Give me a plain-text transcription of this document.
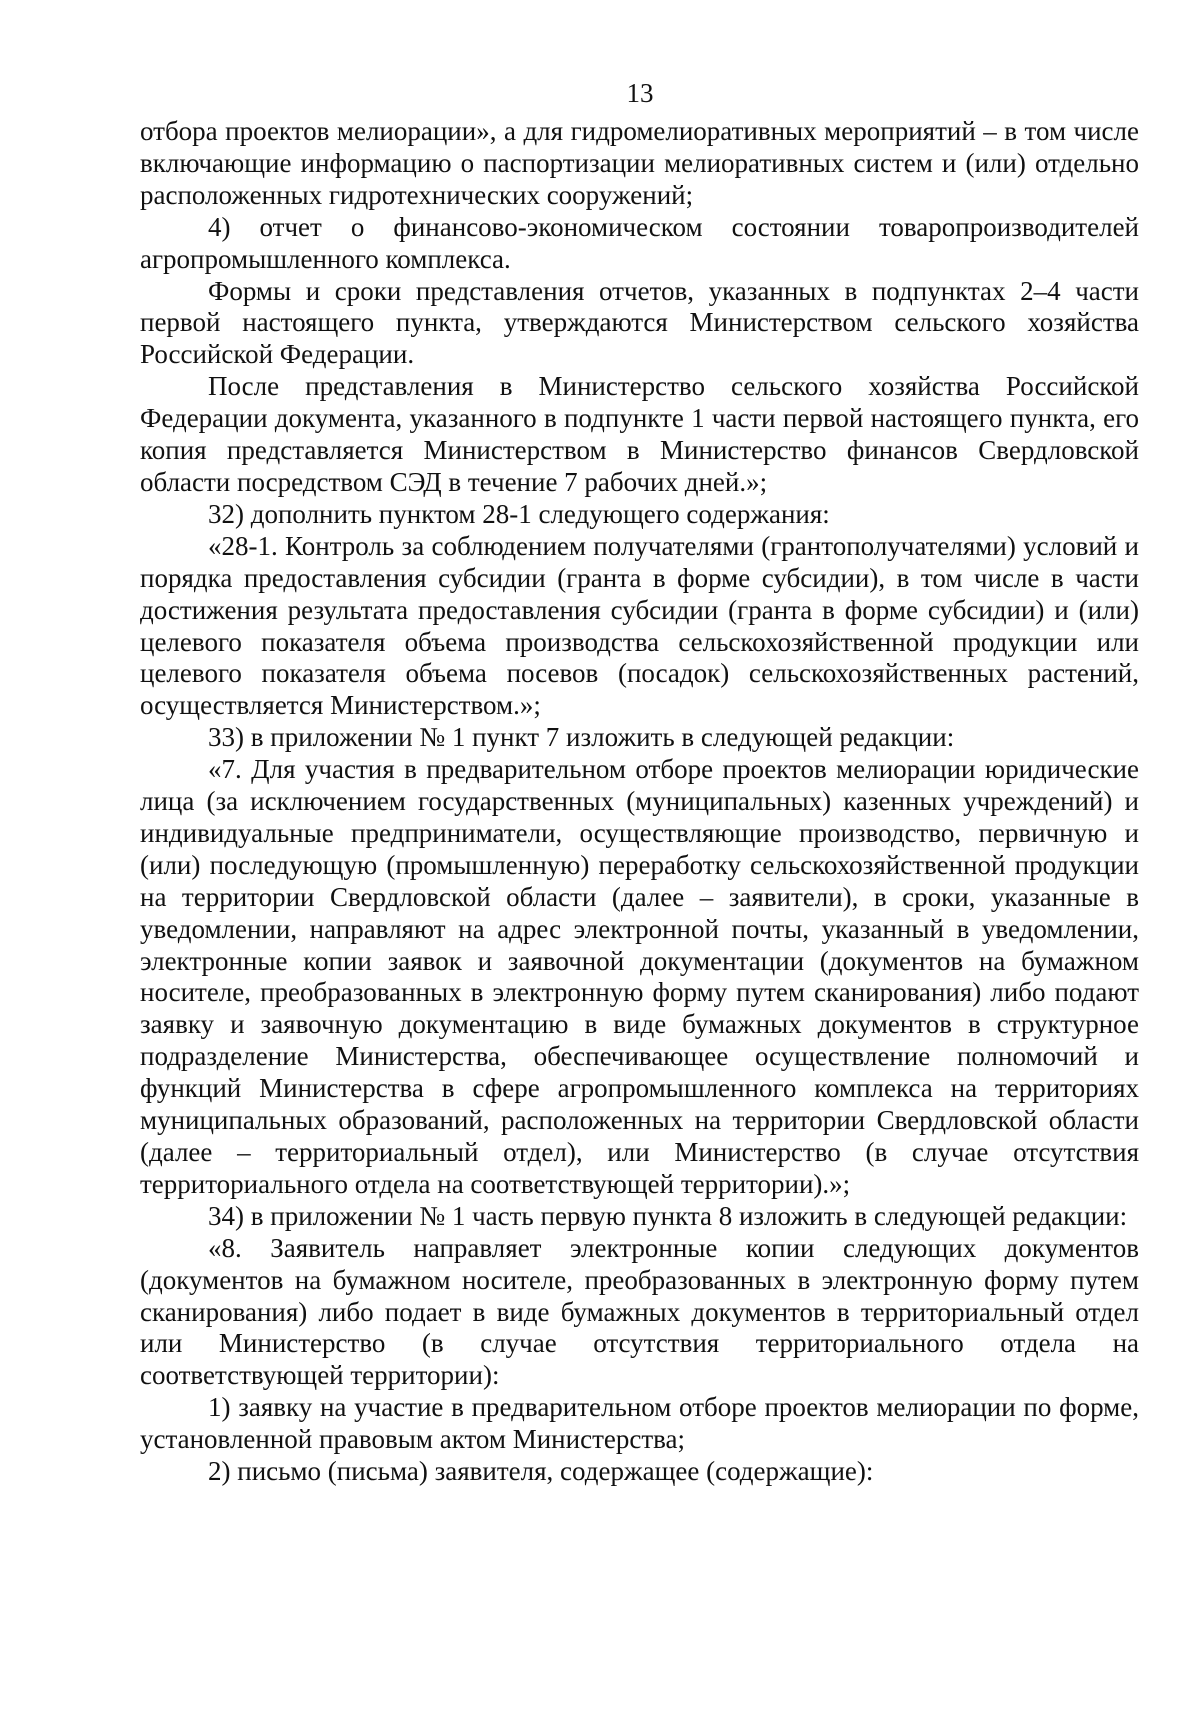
13

отбора проектов мелиорации», а для гидромелиоративных мероприятий – в том числе включающие информацию о паспортизации мелиоративных систем и (или) отдельно расположенных гидротехнических сооружений;

4) отчет о финансово-экономическом состоянии товаропроизводителей агропромышленного комплекса.

Формы и сроки представления отчетов, указанных в подпунктах 2–4 части первой настоящего пункта, утверждаются Министерством сельского хозяйства Российской Федерации.

После представления в Министерство сельского хозяйства Российской Федерации документа, указанного в подпункте 1 части первой настоящего пункта, его копия представляется Министерством в Министерство финансов Свердловской области посредством СЭД в течение 7 рабочих дней.»;

32) дополнить пунктом 28-1 следующего содержания:

«28-1. Контроль за соблюдением получателями (грантополучателями) условий и порядка предоставления субсидии (гранта в форме субсидии), в том числе в части достижения результата предоставления субсидии (гранта в форме субсидии) и (или) целевого показателя объема производства сельскохозяйственной продукции или целевого показателя объема посевов (посадок) сельскохозяйственных растений, осуществляется Министерством.»;

33) в приложении № 1 пункт 7 изложить в следующей редакции:

«7. Для участия в предварительном отборе проектов мелиорации юридические лица (за исключением государственных (муниципальных) казенных учреждений) и индивидуальные предприниматели, осуществляющие производство, первичную и (или) последующую (промышленную) переработку сельскохозяйственной продукции на территории Свердловской области (далее – заявители), в сроки, указанные в уведомлении, направляют на адрес электронной почты, указанный в уведомлении, электронные копии заявок и заявочной документации (документов на бумажном носителе, преобразованных в электронную форму путем сканирования) либо подают заявку и заявочную документацию в виде бумажных документов в структурное подразделение Министерства, обеспечивающее осуществление полномочий и функций Министерства в сфере агропромышленного комплекса на территориях муниципальных образований, расположенных на территории Свердловской области (далее – территориальный отдел), или Министерство (в случае отсутствия территориального отдела на соответствующей территории).»;

34) в приложении № 1 часть первую пункта 8 изложить в следующей редакции:

«8. Заявитель направляет электронные копии следующих документов (документов на бумажном носителе, преобразованных в электронную форму путем сканирования) либо подает в виде бумажных документов в территориальный отдел или Министерство (в случае отсутствия территориального отдела на соответствующей территории):

1) заявку на участие в предварительном отборе проектов мелиорации по форме, установленной правовым актом Министерства;

2) письмо (письма) заявителя, содержащее (содержащие):
